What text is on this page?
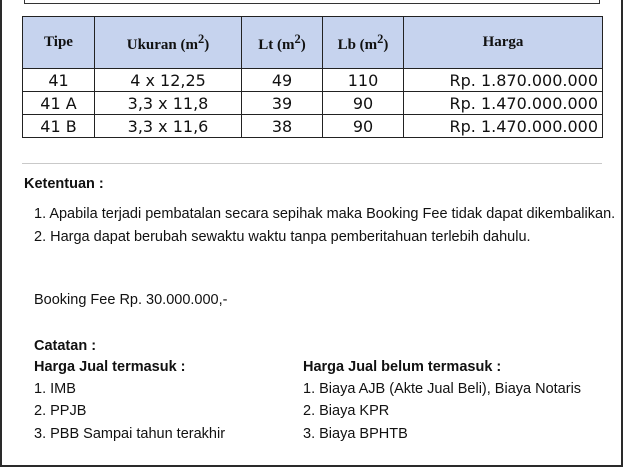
Tipe	Ukuran $(m^2)$	Lt $(m^2)$	Lb $(m^2)$	Harga
41	4 x 12,25	49	110	Rp. 1.870.000.000
41 A	3,3 x 11,8	39	90	Rp. 1.470.000.000
41 B	3,3 x 11,6	38	90	Rp. 1.470.000.000
Ketentuan :
1. Apabila terjadi pembatalan secara sepihak maka Booking Fee tidak dapat dikembalikan.
2. Harga dapat berubah sewaktu waktu tanpa pemberitahuan terlebih dahulu.
Booking Fee Rp. 30.000.000,-
Catatan :
Harga Jual termasuk :
1. IMB
2. PPJB
3. PBB Sampai tahun terakhir
Harga Jual belum termasuk :
1. Biaya AJB (Akte Jual Beli), Biaya Notaris
2. Biaya KPR
3. Biaya BPHTB
